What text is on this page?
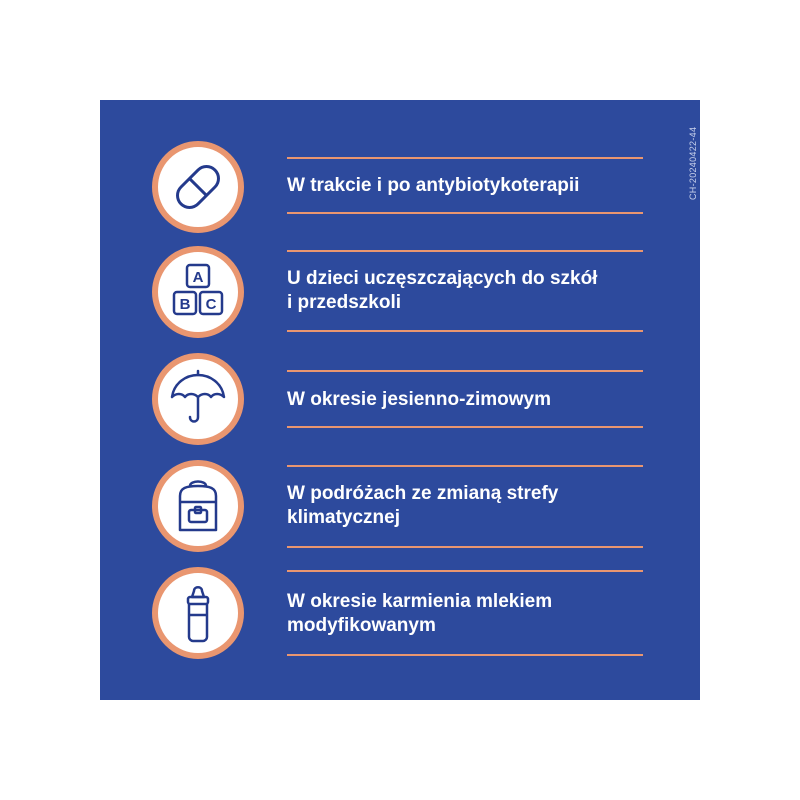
CH-20240422-44
W trakcie i po antybiotykoterapii
A
B C
U dzieci uczęszczających do szkół
i przedszkoli
W okresie jesienno-zimowym
W podróżach ze zmianą strefy
klimatycznej
W okresie karmienia mlekiem
modyfikowanym
